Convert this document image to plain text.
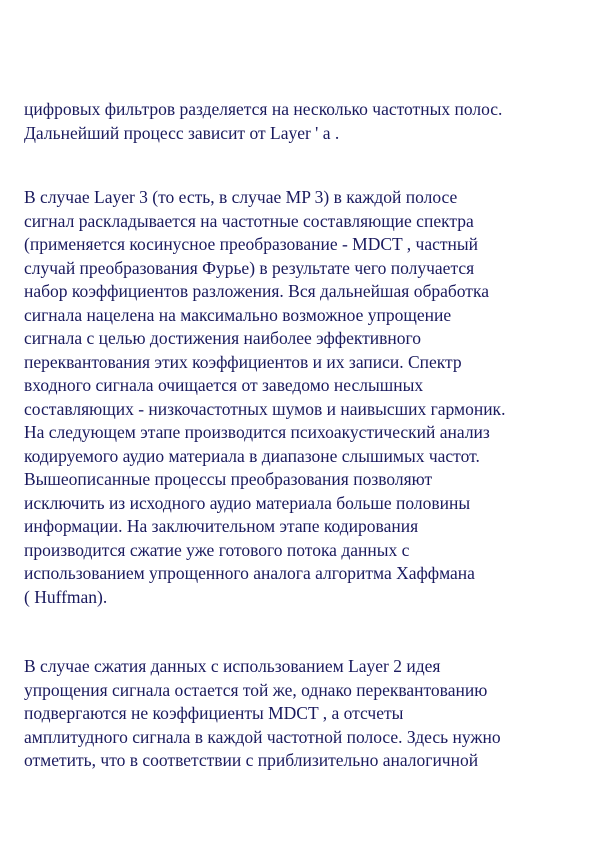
цифровых фильтров разделяется на несколько частотных полос.
Дальнейший процесс зависит от Layer ' а .

В случае Layer 3 (то есть, в случае MP 3) в каждой полосе
сигнал раскладывается на частотные составляющие спектра
(применяется косинусное преобразование - MDCT , частный
случай преобразования Фурье) в результате чего получается
набор коэффициентов разложения. Вся дальнейшая обработка
сигнала нацелена на максимально возможное упрощение
сигнала с целью достижения наиболее эффективного
переквантования этих коэффициентов и их записи. Спектр
входного сигнала очищается от заведомо неслышных
составляющих - низкочастотных шумов и наивысших гармоник.
На следующем этапе производится психоакустический анализ
кодируемого аудио материала в диапазоне слышимых частот.
Вышеописанные процессы преобразования позволяют
исключить из исходного аудио материала больше половины
информации. На заключительном этапе кодирования
производится сжатие уже готового потока данных с
использованием упрощенного аналога алгоритма Хаффмана
( Huffman).

В случае сжатия данных с использованием Layer 2 идея
упрощения сигнала остается той же, однако переквантованию
подвергаются не коэффициенты MDCT , а отсчеты
амплитудного сигнала в каждой частотной полосе. Здесь нужно
отметить, что в соответствии с приблизительно аналогичной
